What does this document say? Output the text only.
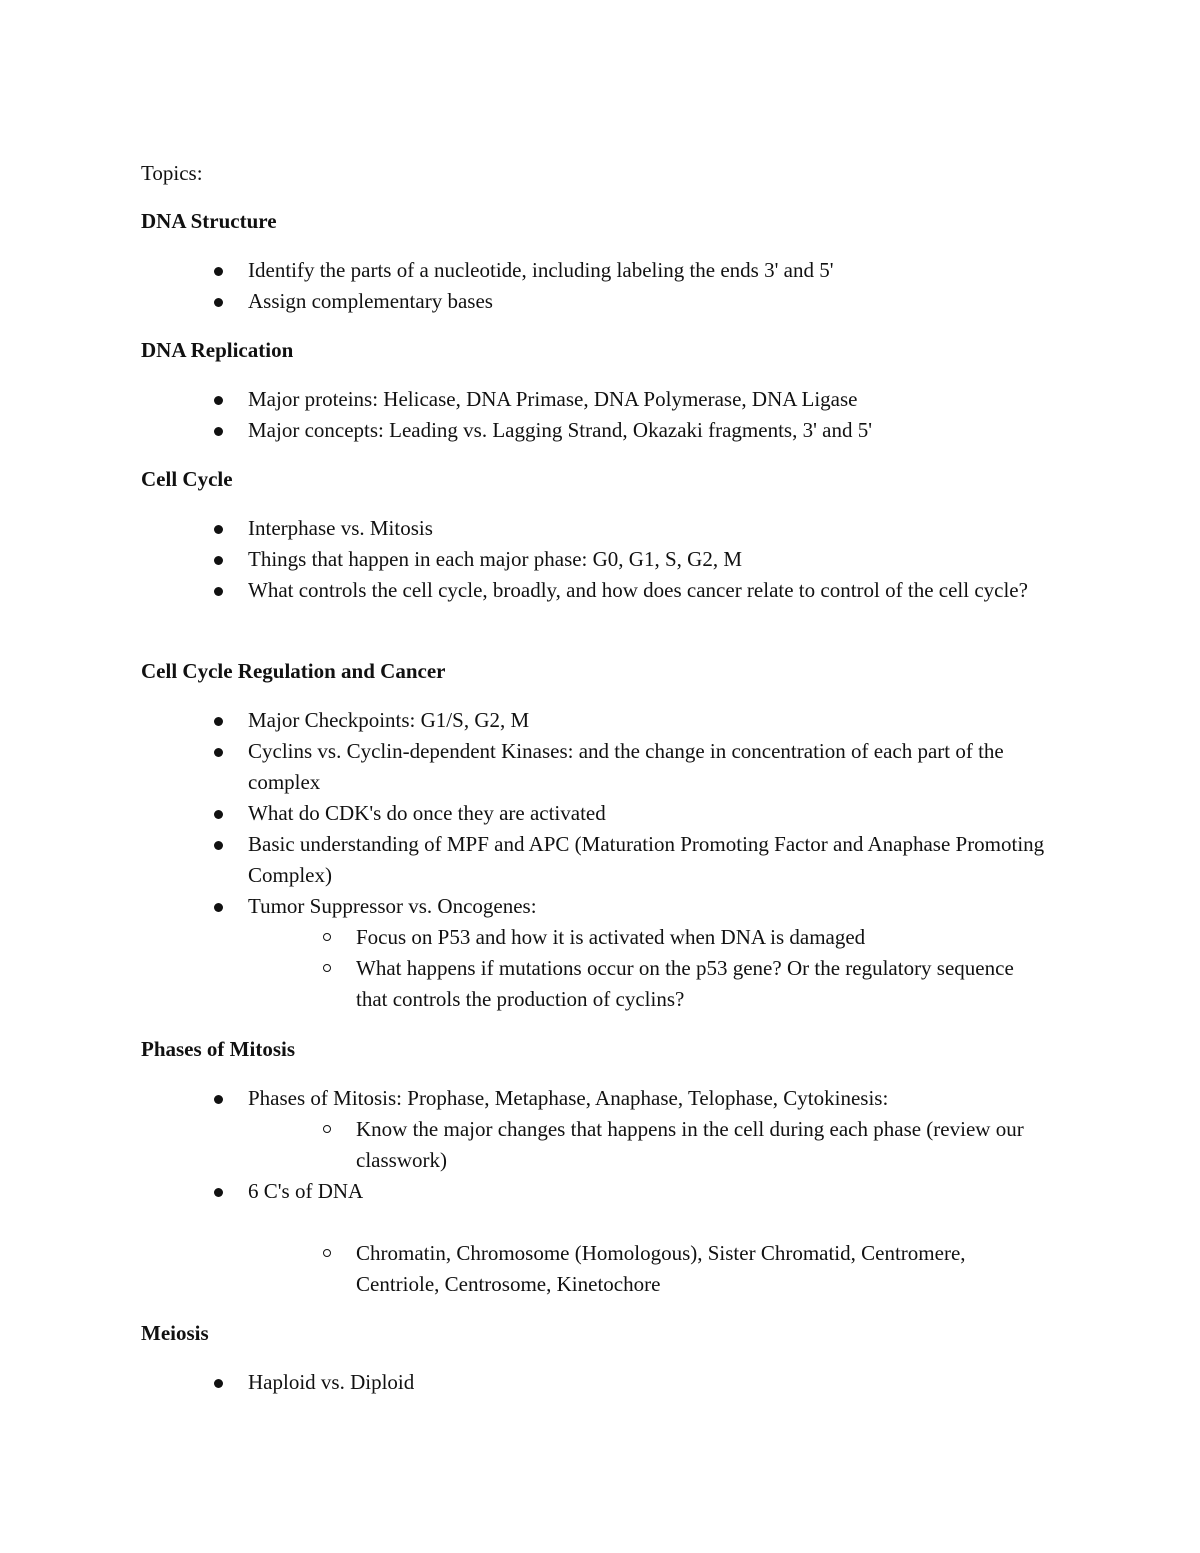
Topics:

DNA Structure
Identify the parts of a nucleotide, including labeling the ends 3' and 5'
Assign complementary bases
DNA Replication
Major proteins: Helicase, DNA Primase, DNA Polymerase, DNA Ligase
Major concepts: Leading vs. Lagging Strand, Okazaki fragments, 3' and 5'
Cell Cycle
Interphase vs. Mitosis
Things that happen in each major phase: G0, G1, S, G2, M
What controls the cell cycle, broadly, and how does cancer relate to control of the cell cycle?
Cell Cycle Regulation and Cancer
Major Checkpoints: G1/S, G2, M
Cyclins vs. Cyclin-dependent Kinases: and the change in concentration of each part of the complex
What do CDK's do once they are activated
Basic understanding of MPF and APC (Maturation Promoting Factor and Anaphase Promoting Complex)
Tumor Suppressor vs. Oncogenes:
Focus on P53 and how it is activated when DNA is damaged
What happens if mutations occur on the p53 gene? Or the regulatory sequence that controls the production of cyclins?
Phases of Mitosis
Phases of Mitosis: Prophase, Metaphase, Anaphase, Telophase, Cytokinesis:
Know the major changes that happens in the cell during each phase (review our classwork)
6 C's of DNA
Chromatin, Chromosome (Homologous), Sister Chromatid, Centromere, Centriole, Centrosome, Kinetochore
Meiosis
Haploid vs. Diploid
